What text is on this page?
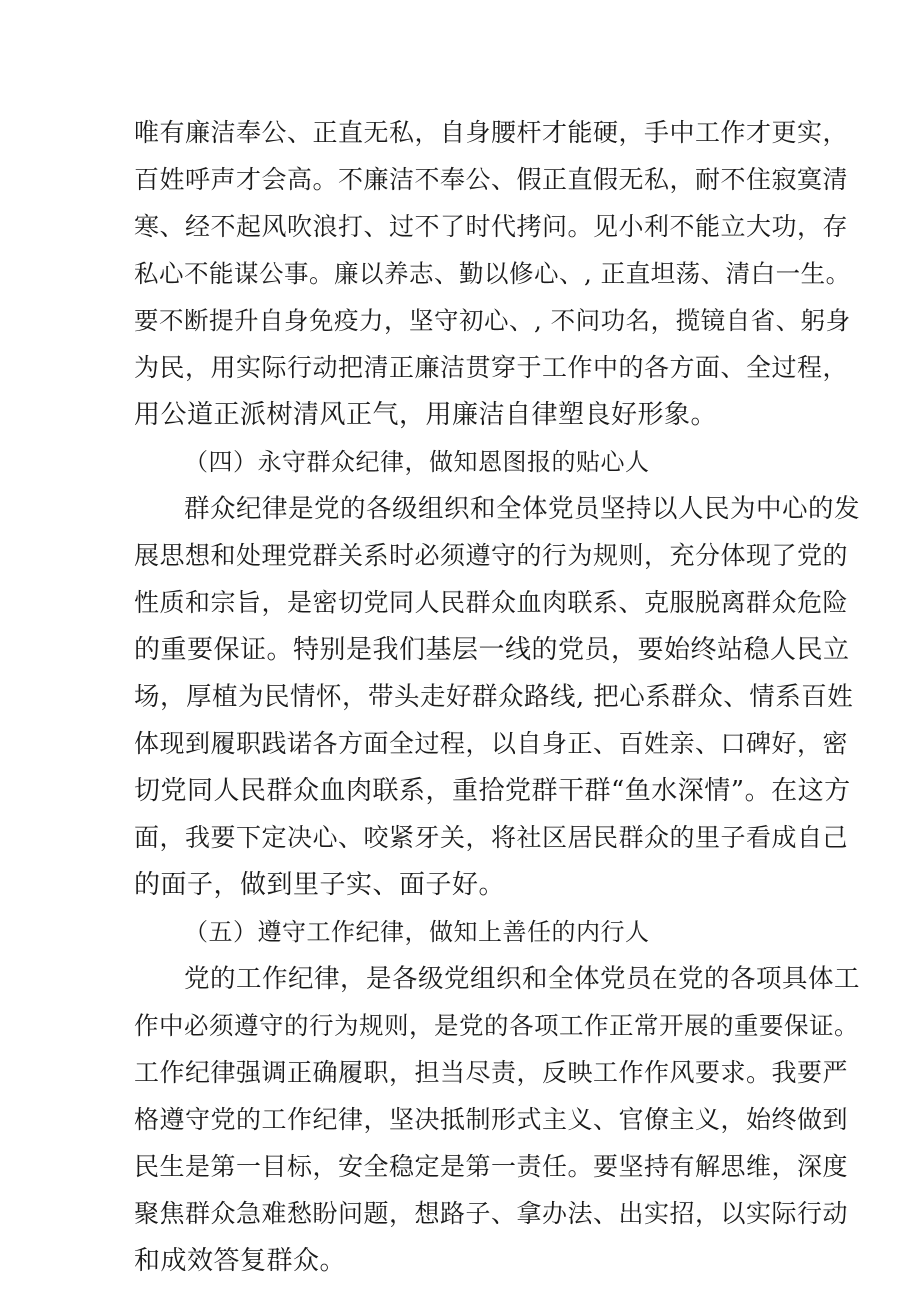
唯有廉洁奉公、正直无私，自身腰杆才能硬，手中工作才更实，
百姓呼声才会高。不廉洁不奉公、假正直假无私，耐不住寂寞清
寒、经不起风吹浪打、过不了时代拷问。见小利不能立大功，存
私心不能谋公事。廉以养志、勤以修心、, 正直坦荡、清白一生。
要不断提升自身免疫力，坚守初心、, 不问功名，揽镜自省、躬身
为民，用实际行动把清正廉洁贯穿于工作中的各方面、全过程，
用公道正派树清风正气，用廉洁自律塑良好形象。
（四）永守群众纪律，做知恩图报的贴心人
群众纪律是党的各级组织和全体党员坚持以人民为中心的发
展思想和处理党群关系时必须遵守的行为规则，充分体现了党的
性质和宗旨，是密切党同人民群众血肉联系、克服脱离群众危险
的重要保证。特别是我们基层一线的党员，要始终站稳人民立
场，厚植为民情怀，带头走好群众路线, 把心系群众、情系百姓
体现到履职践诺各方面全过程，以自身正、百姓亲、口碑好，密
切党同人民群众血肉联系，重拾党群干群“鱼水深情”。在这方
面，我要下定决心、咬紧牙关，将社区居民群众的里子看成自己
的面子，做到里子实、面子好。
（五）遵守工作纪律，做知上善任的内行人
党的工作纪律，是各级党组织和全体党员在党的各项具体工
作中必须遵守的行为规则，是党的各项工作正常开展的重要保证。
工作纪律强调正确履职，担当尽责，反映工作作风要求。我要严
格遵守党的工作纪律，坚决抵制形式主义、官僚主义，始终做到
民生是第一目标，安全稳定是第一责任。要坚持有解思维，深度
聚焦群众急难愁盼问题，想路子、拿办法、出实招，以实际行动
和成效答复群众。
